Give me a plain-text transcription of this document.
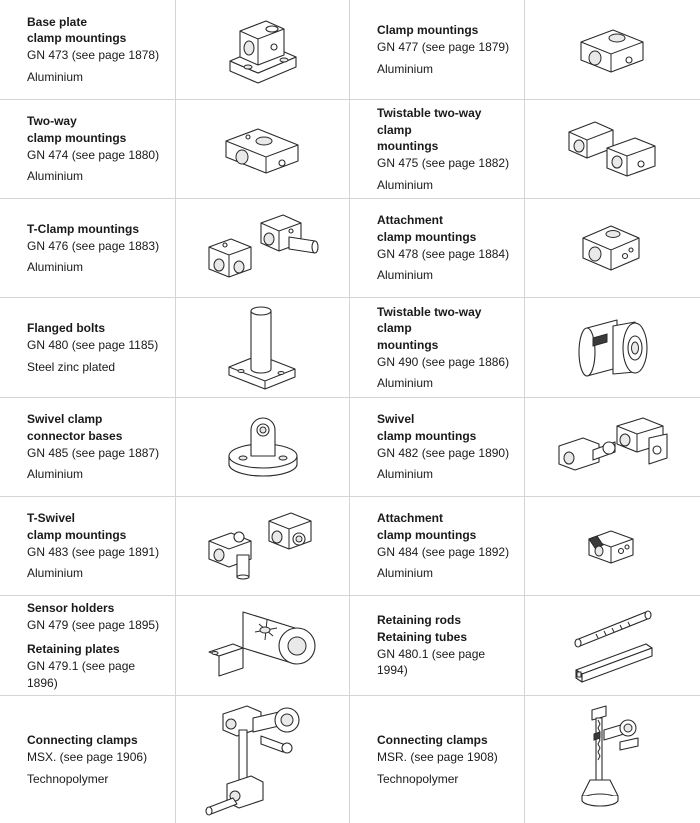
Base plate
clamp mountings
GN 473 (see page 1878)
Aluminium
Clamp mountings
GN 477 (see page 1879)
Aluminium
Two-way
clamp mountings
GN 474 (see page 1880)
Aluminium
Twistable two-way clamp
mountings
GN 475 (see page 1882)
Aluminium
T-Clamp mountings
GN 476 (see page 1883)
Aluminium
Attachment
clamp mountings
GN 478 (see page 1884)
Aluminium
Flanged bolts
GN 480 (see page 1185)
Steel zinc plated
Twistable two-way clamp
mountings
GN 490 (see page 1886)
Aluminium
Swivel clamp
connector bases
GN 485 (see page 1887)
Aluminium
Swivel
clamp mountings
GN 482 (see page 1890)
Aluminium
T-Swivel
clamp mountings
GN 483 (see page 1891)
Aluminium
Attachment
clamp mountings
GN 484 (see page 1892)
Aluminium
Sensor holders
GN 479 (see page 1895)
Retaining plates
GN 479.1 (see page 1896)
Retaining rods
Retaining tubes
GN 480.1 (see page 1994)
Connecting clamps
MSX. (see page 1906)
Technopolymer
Connecting clamps
MSR. (see page 1908)
Technopolymer
